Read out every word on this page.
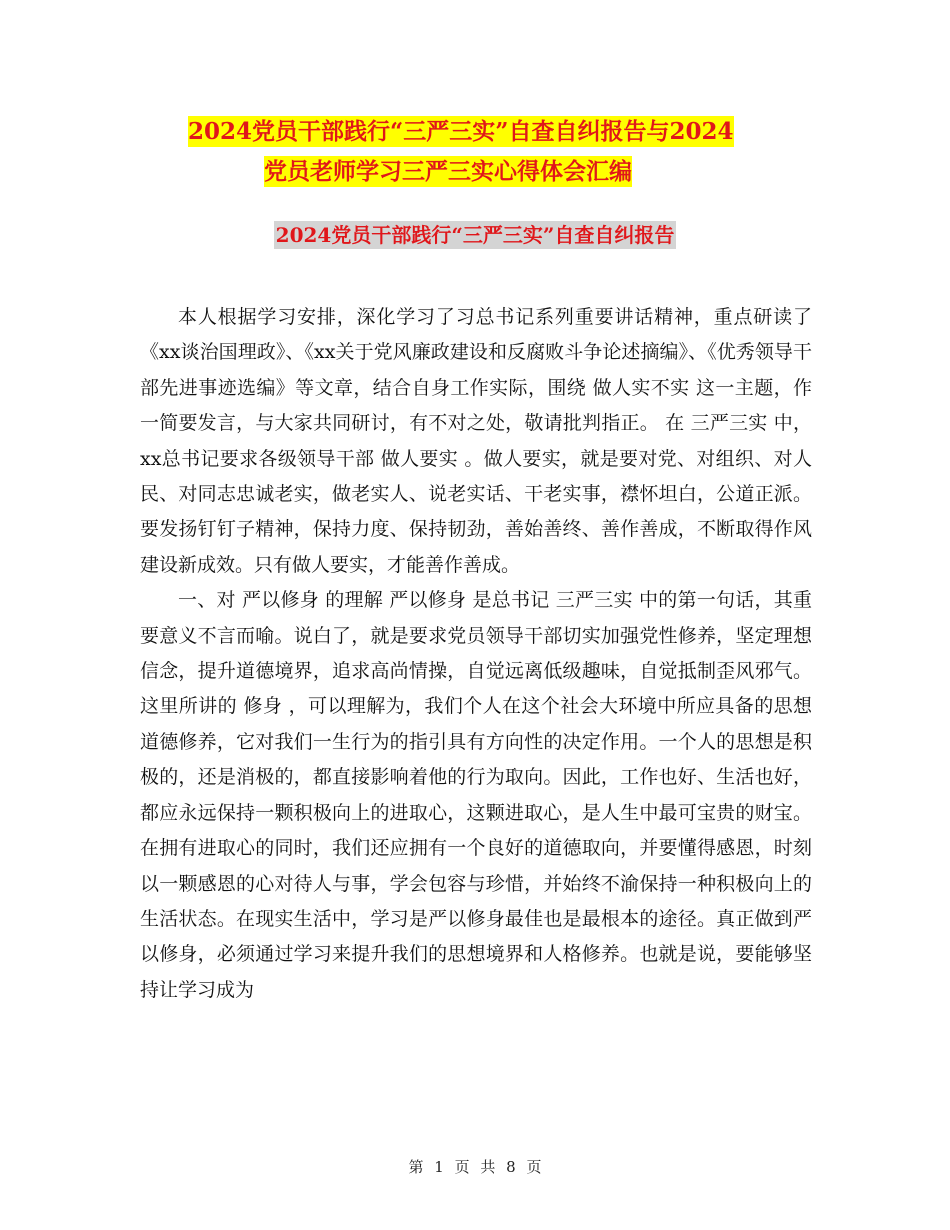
2024党员干部践行“三严三实”自查自纠报告与2024
党员老师学习三严三实心得体会汇编
2024党员干部践行“三严三实”自查自纠报告

本人根据学习安排，深化学习了习总书记系列重要讲话精神，重点研读了《xx谈治国理政》、《xx关于党风廉政建设和反腐败斗争论述摘编》、《优秀领导干部先进事迹选编》等文章，结合自身工作实际，围绕 做人实不实 这一主题，作一简要发言，与大家共同研讨，有不对之处，敬请批判指正。 在 三严三实 中，xx总书记要求各级领导干部 做人要实 。做人要实，就是要对党、对组织、对人民、对同志忠诚老实，做老实人、说老实话、干老实事，襟怀坦白，公道正派。要发扬钉钉子精神，保持力度、保持韧劲，善始善终、善作善成，不断取得作风建设新成效。只有做人要实，才能善作善成。

一、对 严以修身 的理解 严以修身 是总书记 三严三实 中的第一句话，其重要意义不言而喻。说白了，就是要求党员领导干部切实加强党性修养，坚定理想信念，提升道德境界，追求高尚情操，自觉远离低级趣味，自觉抵制歪风邪气。这里所讲的 修身 ，可以理解为，我们个人在这个社会大环境中所应具备的思想道德修养，它对我们一生行为的指引具有方向性的决定作用。一个人的思想是积极的，还是消极的，都直接影响着他的行为取向。因此，工作也好、生活也好，都应永远保持一颗积极向上的进取心，这颗进取心，是人生中最可宝贵的财宝。在拥有进取心的同时，我们还应拥有一个良好的道德取向，并要懂得感恩，时刻以一颗感恩的心对待人与事，学会包容与珍惜，并始终不渝保持一种积极向上的生活状态。在现实生活中，学习是严以修身最佳也是最根本的途径。真正做到严以修身，必须通过学习来提升我们的思想境界和人格修养。也就是说，要能够坚持让学习成为

第 1 页 共 8 页
